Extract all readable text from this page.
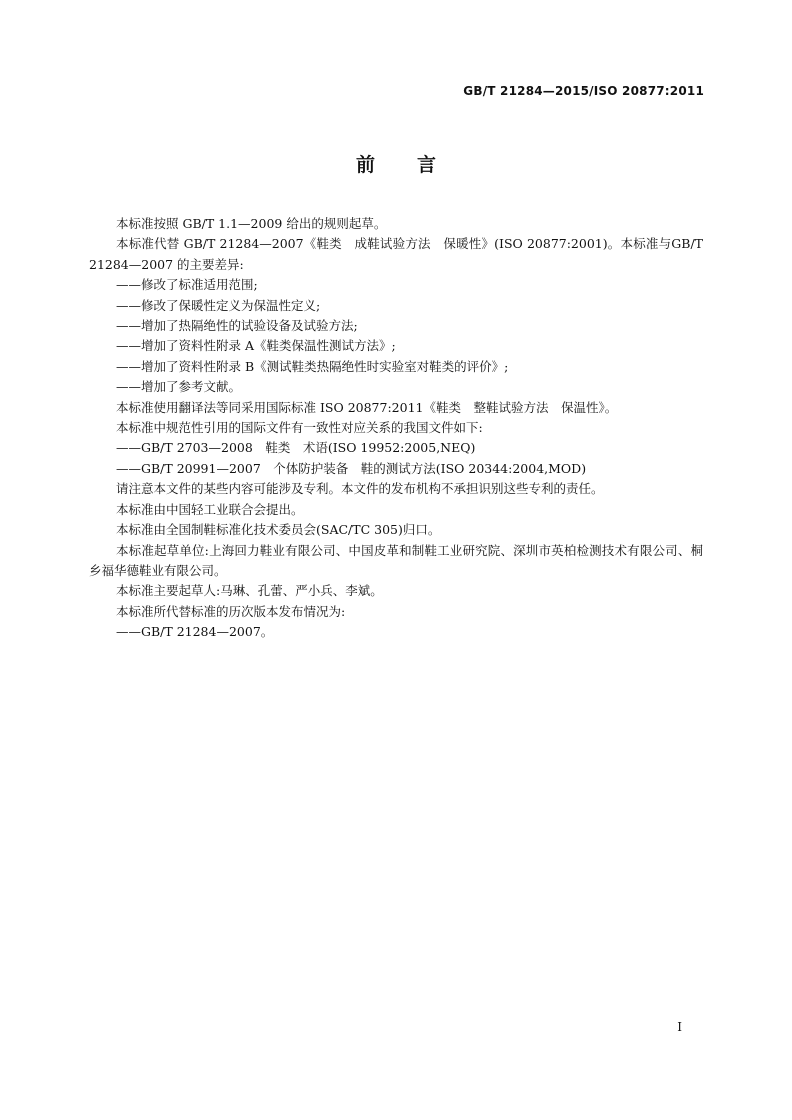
GB/T 21284—2015/ISO 20877:2011
前 言

本标准按照 GB/T 1.1—2009 给出的规则起草。

本标准代替 GB/T 21284—2007《鞋类　成鞋试验方法　保暖性》(ISO 20877:2001)。本标准与GB/T 21284—2007 的主要差异:

——修改了标准适用范围;

——修改了保暖性定义为保温性定义;

——增加了热隔绝性的试验设备及试验方法;

——增加了资料性附录 A《鞋类保温性测试方法》;

——增加了资料性附录 B《测试鞋类热隔绝性时实验室对鞋类的评价》;

——增加了参考文献。

本标准使用翻译法等同采用国际标准 ISO 20877:2011《鞋类　整鞋试验方法　保温性》。

本标准中规范性引用的国际文件有一致性对应关系的我国文件如下:

——GB/T 2703—2008　鞋类　术语(ISO 19952:2005,NEQ)

——GB/T 20991—2007　个体防护装备　鞋的测试方法(ISO 20344:2004,MOD)

请注意本文件的某些内容可能涉及专利。本文件的发布机构不承担识别这些专利的责任。

本标准由中国轻工业联合会提出。

本标准由全国制鞋标准化技术委员会(SAC/TC 305)归口。

本标准起草单位:上海回力鞋业有限公司、中国皮革和制鞋工业研究院、深圳市英柏检测技术有限公司、桐乡福华德鞋业有限公司。

本标准主要起草人:马琳、孔蕾、严小兵、李斌。

本标准所代替标准的历次版本发布情况为:

——GB/T 21284—2007。

I
